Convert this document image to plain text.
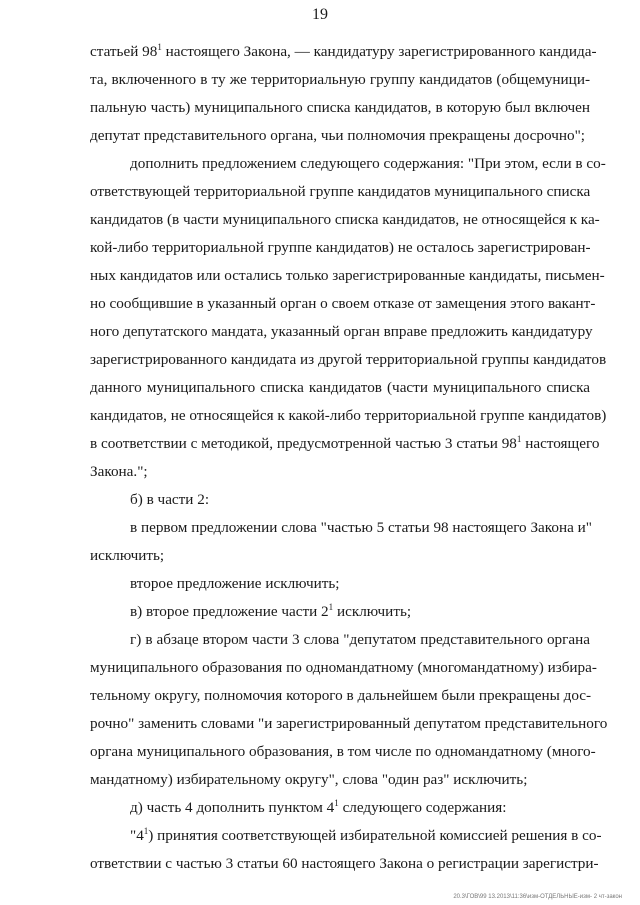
19
статьей $98^1$ настоящего Закона, — кандидатуру зарегистрированного кандида-
та, включенного в ту же территориальную группу кандидатов (общемуници-
пальную часть) муниципального списка кандидатов, в которую был включен
депутат представительного органа, чьи полномочия прекращены досрочно";
дополнить предложением следующего содержания: "При этом, если в со-
ответствующей территориальной группе кандидатов муниципального списка
кандидатов (в части муниципального списка кандидатов, не относящейся к ка-
кой-либо территориальной группе кандидатов) не осталось зарегистрирован-
ных кандидатов или остались только зарегистрированные кандидаты, письмен-
но сообщившие в указанный орган о своем отказе от замещения этого вакант-
ного депутатского мандата, указанный орган вправе предложить кандидатуру
зарегистрированного кандидата из другой территориальной группы кандидатов
данного муниципального списка кандидатов (части муниципального списка
кандидатов, не относящейся к какой-либо территориальной группе кандидатов)
в соответствии с методикой, предусмотренной частью 3 статьи $98^1$ настоящего
Закона.";
б) в части 2:
в первом предложении слова "частью 5 статьи 98 настоящего Закона и"
исключить;
второе предложение исключить;
в) второе предложение части $2^1$ исключить;
г) в абзаце втором части 3 слова "депутатом представительного органа
муниципального образования по одномандатному (многомандатному) избира-
тельному округу, полномочия которого в дальнейшем были прекращены дос-
рочно" заменить словами "и зарегистрированный депутатом представительного
органа муниципального образования, в том числе по одномандатному (много-
мандатному) избирательному округу", слова "один раз" исключить;
д) часть 4 дополнить пунктом $4^1$ следующего содержания:
"$4^1$) принятия соответствующей избирательной комиссией решения в со-
ответствии с частью 3 статьи 60 настоящего Закона о регистрации зарегистри-
20.3\ГОВ\99 13.2013\11:36\изм-ОТДЕЛЬНЫЕ-изм- 2 чт-закон
